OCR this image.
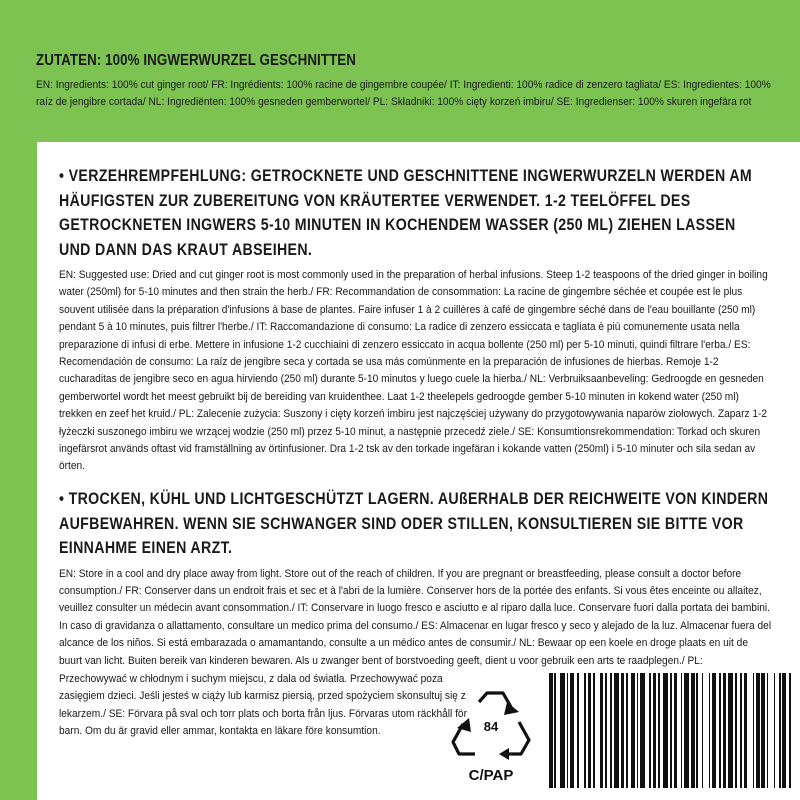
ZUTATEN: 100% INGWERWURZEL GESCHNITTEN
EN: Ingredients: 100% cut ginger root/ FR: Ingrédients: 100% racine de gingembre coupée/ IT: Ingredienti: 100% radice di zenzero tagliata/ ES: Ingredientes: 100% raíz de jengibre cortada/ NL: Ingrediënten: 100% gesneden gemberwortel/ PL: Składniki: 100% cięty korzeń imbiru/ SE: Ingredienser: 100% skuren ingefära rot
• VERZEHREMPFEHLUNG: GETROCKNETE UND GESCHNITTENE INGWERWURZELN WERDEN AM HÄUFIGSTEN ZUR ZUBEREITUNG VON KRÄUTERTEE VERWENDET. 1-2 TEELÖFFEL DES GETROCKNETEN INGWERS 5-10 MINUTEN IN KOCHENDEM WASSER (250 ML) ZIEHEN LASSEN UND DANN DAS KRAUT ABSEIHEN.
EN: Suggested use: Dried and cut ginger root is most commonly used in the preparation of herbal infusions. Steep 1-2 teaspoons of the dried ginger in boiling water (250ml) for 5-10 minutes and then strain the herb./ FR: Recommandation de consommation: La racine de gingembre séchée et coupée est le plus souvent utilisée dans la préparation d'infusions à base de plantes. Faire infuser 1 à 2 cuillères à café de gingembre séché dans de l'eau bouillante (250 ml) pendant 5 à 10 minutes, puis filtrer l'herbe./ IT: Raccomandazione di consumo: La radice di zenzero essiccata e tagliata è più comunemente usata nella preparazione di infusi di erbe. Mettere in infusione 1-2 cucchiaini di zenzero essiccato in acqua bollente (250 ml) per 5-10 minuti, quindi filtrare l'erba./ ES: Recomendación de consumo: La raíz de jengibre seca y cortada se usa más comúnmente en la preparación de infusiones de hierbas. Remoje 1-2 cucharaditas de jengibre seco en agua hirviendo (250 ml) durante 5-10 minutos y luego cuele la hierba./ NL: Verbruiksaanbeveling: Gedroogde en gesneden gemberwortel wordt het meest gebruikt bij de bereiding van kruidenthee. Laat 1-2 theelepels gedroogde gember 5-10 minuten in kokend water (250 ml) trekken en zeef het kruid./ PL: Zalecenie zużycia: Suszony i cięty korzeń imbiru jest najczęściej używany do przygotowywania naparów ziołowych. Zaparz 1-2 łyżeczki suszonego imbiru we wrzącej wodzie (250 ml) przez 5-10 minut, a następnie przecedź ziele./ SE: Konsumtionsrekommendation: Torkad och skuren ingefärsrot används oftast vid framställning av örtinfusioner. Dra 1-2 tsk av den torkade ingefäran i kokande vatten (250ml) i 5-10 minuter och sila sedan av örten.
• TROCKEN, KÜHL UND LICHTGESCHÜTZT LAGERN. AUßERHALB DER REICHWEITE VON KINDERN AUFBEWAHREN. WENN SIE SCHWANGER SIND ODER STILLEN, KONSULTIEREN SIE BITTE VOR EINNAHME EINEN ARZT.
EN: Store in a cool and dry place away from light. Store out of the reach of children. If you are pregnant or breastfeeding, please consult a doctor before consumption./ FR: Conserver dans un endroit frais et sec et à l'abri de la lumière. Conserver hors de la portée des enfants. Si vous êtes enceinte ou allaitez, veuillez consulter un médecin avant consommation./ IT: Conservare in luogo fresco e asciutto e al riparo dalla luce. Conservare fuori dalla portata dei bambini. In caso di gravidanza o allattamento, consultare un medico prima del consumo./ ES: Almacenar en lugar fresco y seco y alejado de la luz. Almacenar fuera del alcance de los niños. Si está embarazada o amamantando, consulte a un médico antes de consumir./ NL: Bewaar op een koele en droge plaats en uit de buurt van licht. Buiten bereik van kinderen bewaren. Als u zwanger bent of borstvoeding geeft, dient u voor gebruik een arts te raadplegen./ PL:
Przechowywać w chłodnym i suchym miejscu, z dala od światła. Przechowywać poza zasięgiem dzieci. Jeśli jesteś w ciąży lub karmisz piersią, przed spożyciem skonsultuj się z lekarzem./ SE: Förvara på sval och torr plats och borta från ljus. Förvaras utom räckhåll för barn. Om du är gravid eller ammar, kontakta en läkare före konsumtion.	84
C/PAP
